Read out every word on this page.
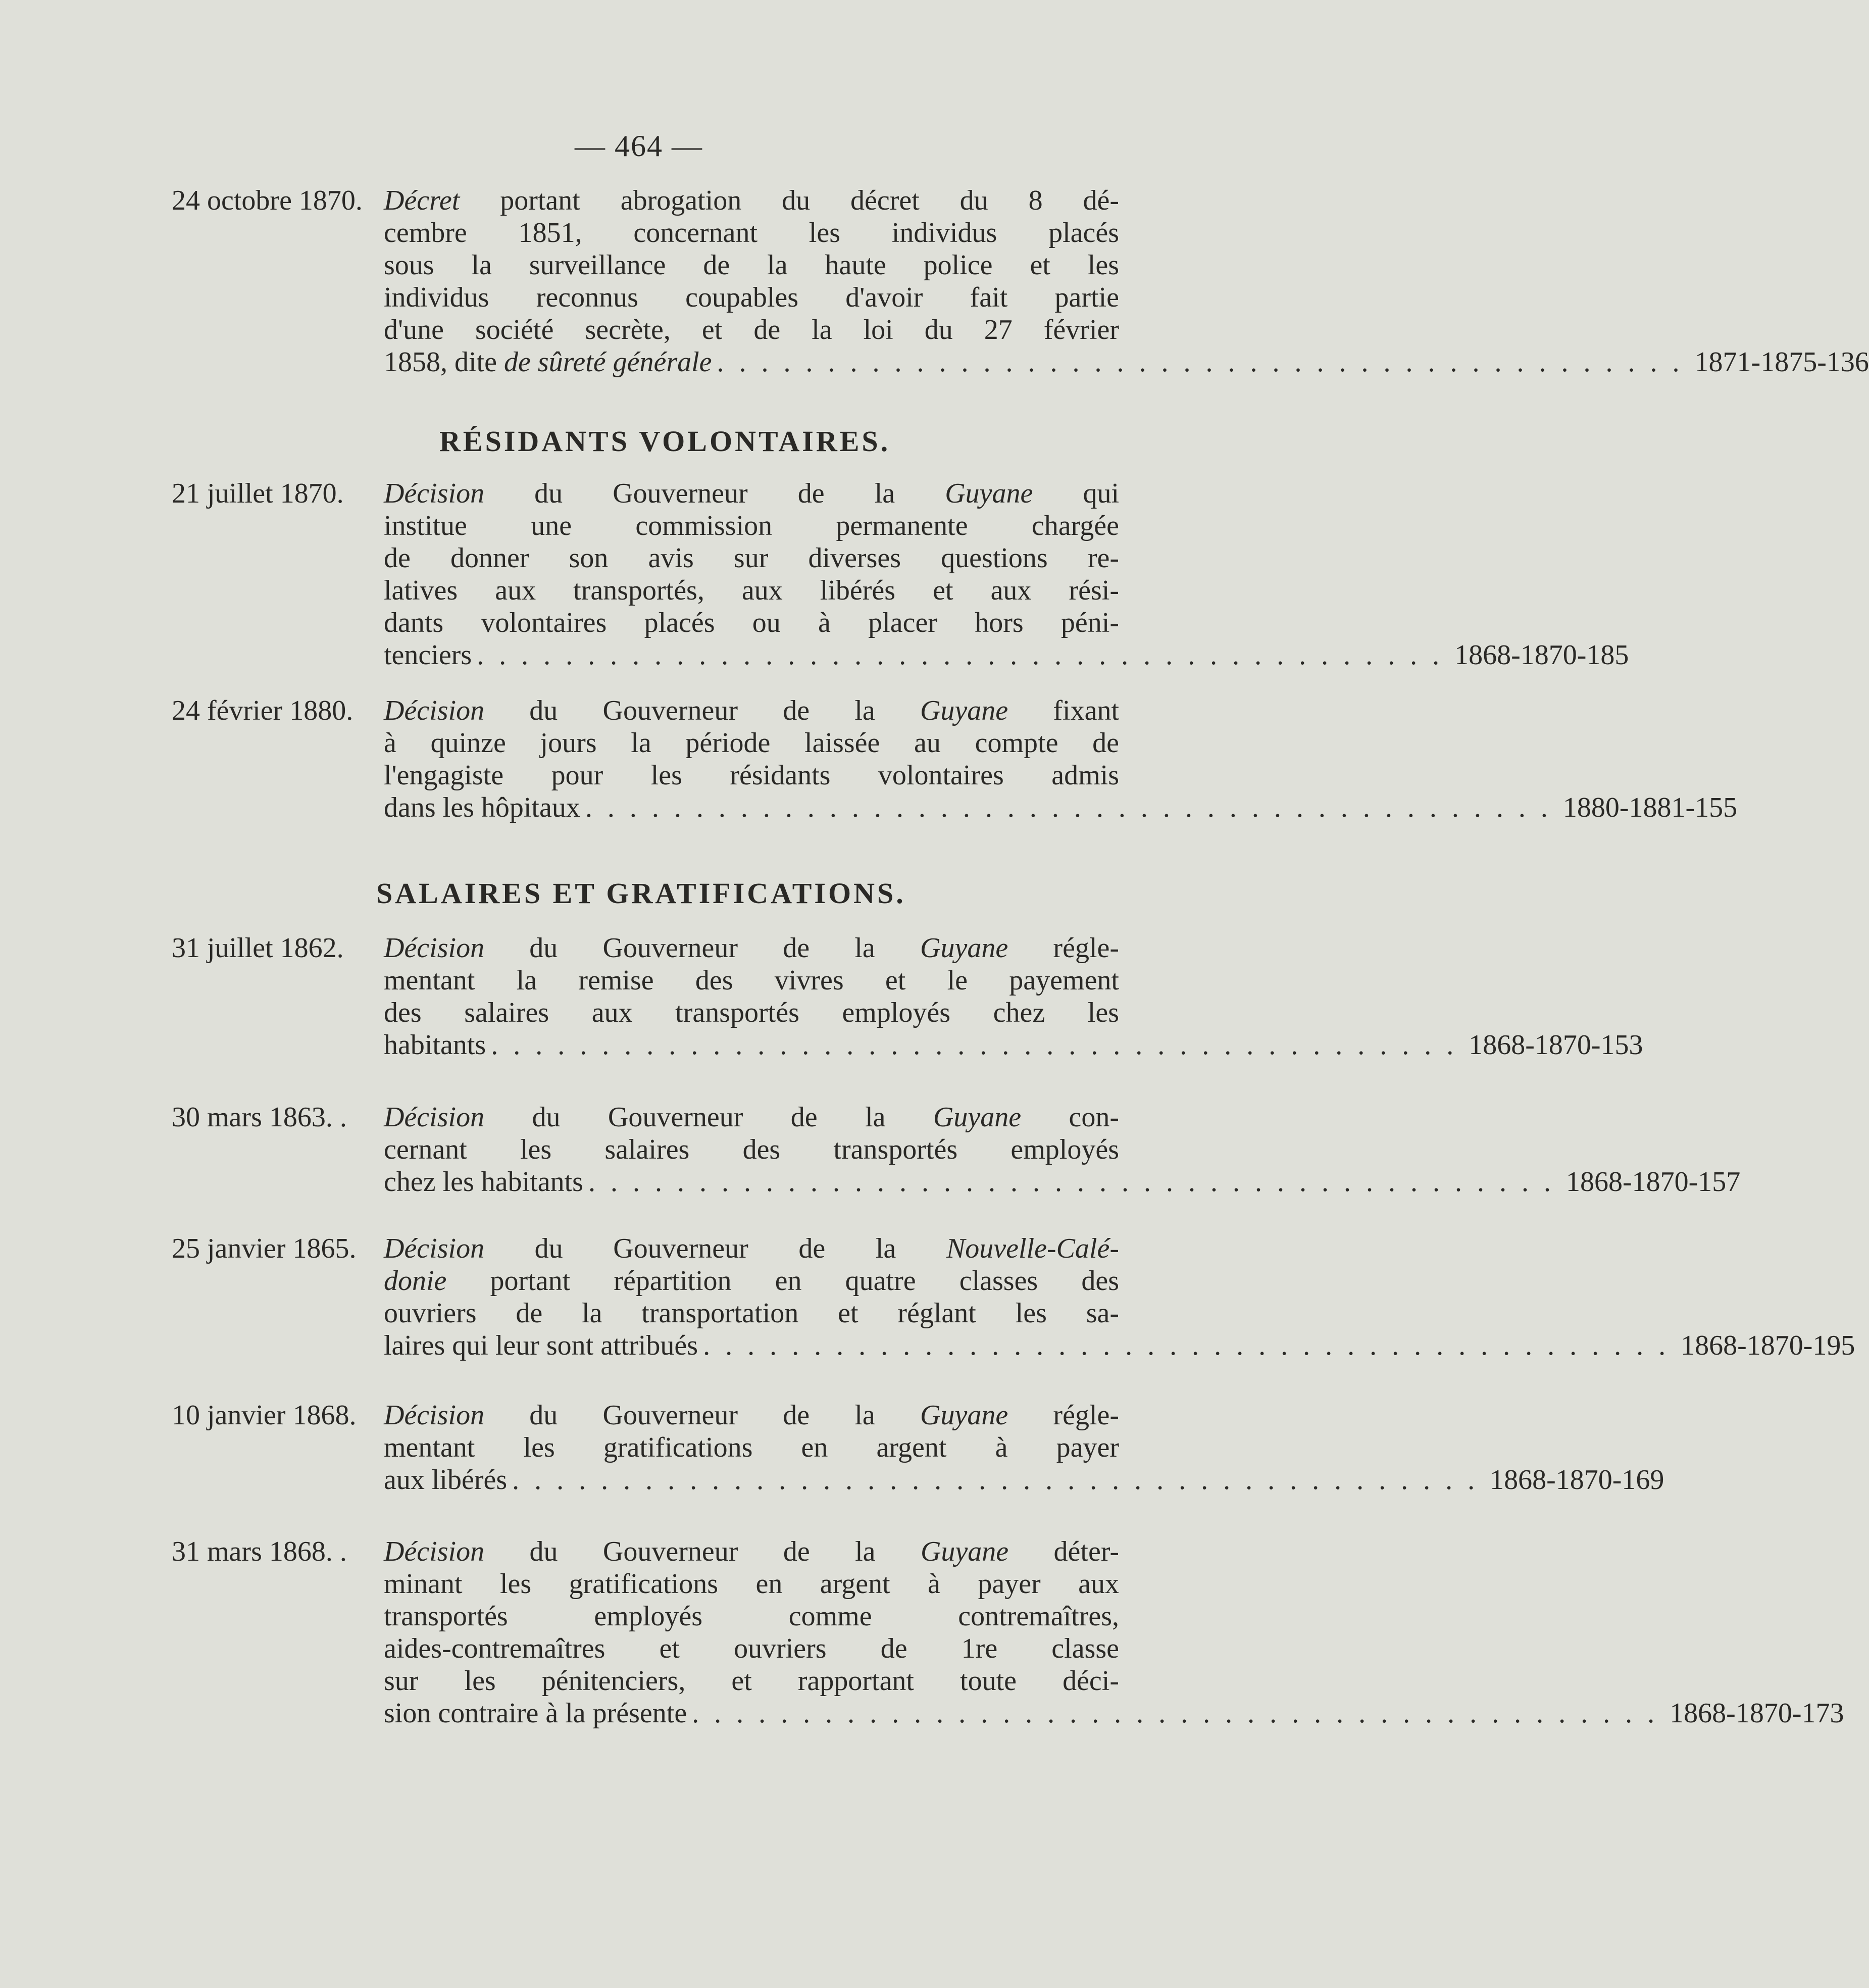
— 464 —
24 octobre 1870. Décret portant abrogation du décret du 8 dé-
cembre 1851, concernant les individus placés
sous la surveillance de la haute police et les
individus reconnus coupables d'avoir fait partie
d'une société secrète, et de la loi du 27 février
1858, dite de sûreté générale . . . . . . . . . . . . . . . . . . . . . . . . . . . . . . . . . . . . . . . . . . . . 1871-1875-136
RÉSIDANTS VOLONTAIRES.
21 juillet 1870.	Décision du Gouverneur de la Guyane qui
institue une commission permanente chargée
de donner son avis sur diverses questions re-
latives aux transportés, aux libérés et aux rési-
dants volontaires placés ou à placer hors péni-
tenciers . . . . . . . . . . . . . . . . . . . . . . . . . . . . . . . . . . . . . . . . . . . . 1868-1870-185
24 février 1880.	Décision du Gouverneur de la Guyane fixant
à quinze jours la période laissée au compte de
l'engagiste pour les résidants volontaires admis
dans les hôpitaux . . . . . . . . . . . . . . . . . . . . . . . . . . . . . . . . . . . . . . . . . . . . 1880-1881-155
SALAIRES ET GRATIFICATIONS.
31 juillet 1862.	Décision du Gouverneur de la Guyane régle-
mentant la remise des vivres et le payement
des salaires aux transportés employés chez les
habitants . . . . . . . . . . . . . . . . . . . . . . . . . . . . . . . . . . . . . . . . . . . . 1868-1870-153
30 mars 1863. .	Décision du Gouverneur de la Guyane con-
cernant les salaires des transportés employés
chez les habitants . . . . . . . . . . . . . . . . . . . . . . . . . . . . . . . . . . . . . . . . . . . . 1868-1870-157
25 janvier 1865. Décision du Gouverneur de la Nouvelle-Calé-
donie portant répartition en quatre classes des
ouvriers de la transportation et réglant les sa-
laires qui leur sont attribués . . . . . . . . . . . . . . . . . . . . . . . . . . . . . . . . . . . . . . . . . . . . 1868-1870-195
10 janvier 1868. Décision du Gouverneur de la Guyane régle-
mentant les gratifications en argent à payer
aux libérés . . . . . . . . . . . . . . . . . . . . . . . . . . . . . . . . . . . . . . . . . . . . 1868-1870-169
31 mars 1868. .	Décision du Gouverneur de la Guyane déter-
minant les gratifications en argent à payer aux
transportés employés comme contremaîtres,
aides-contremaîtres et ouvriers de 1re classe
sur les pénitenciers, et rapportant toute déci-
sion contraire à la présente . . . . . . . . . . . . . . . . . . . . . . . . . . . . . . . . . . . . . . . . . . . . 1868-1870-173
